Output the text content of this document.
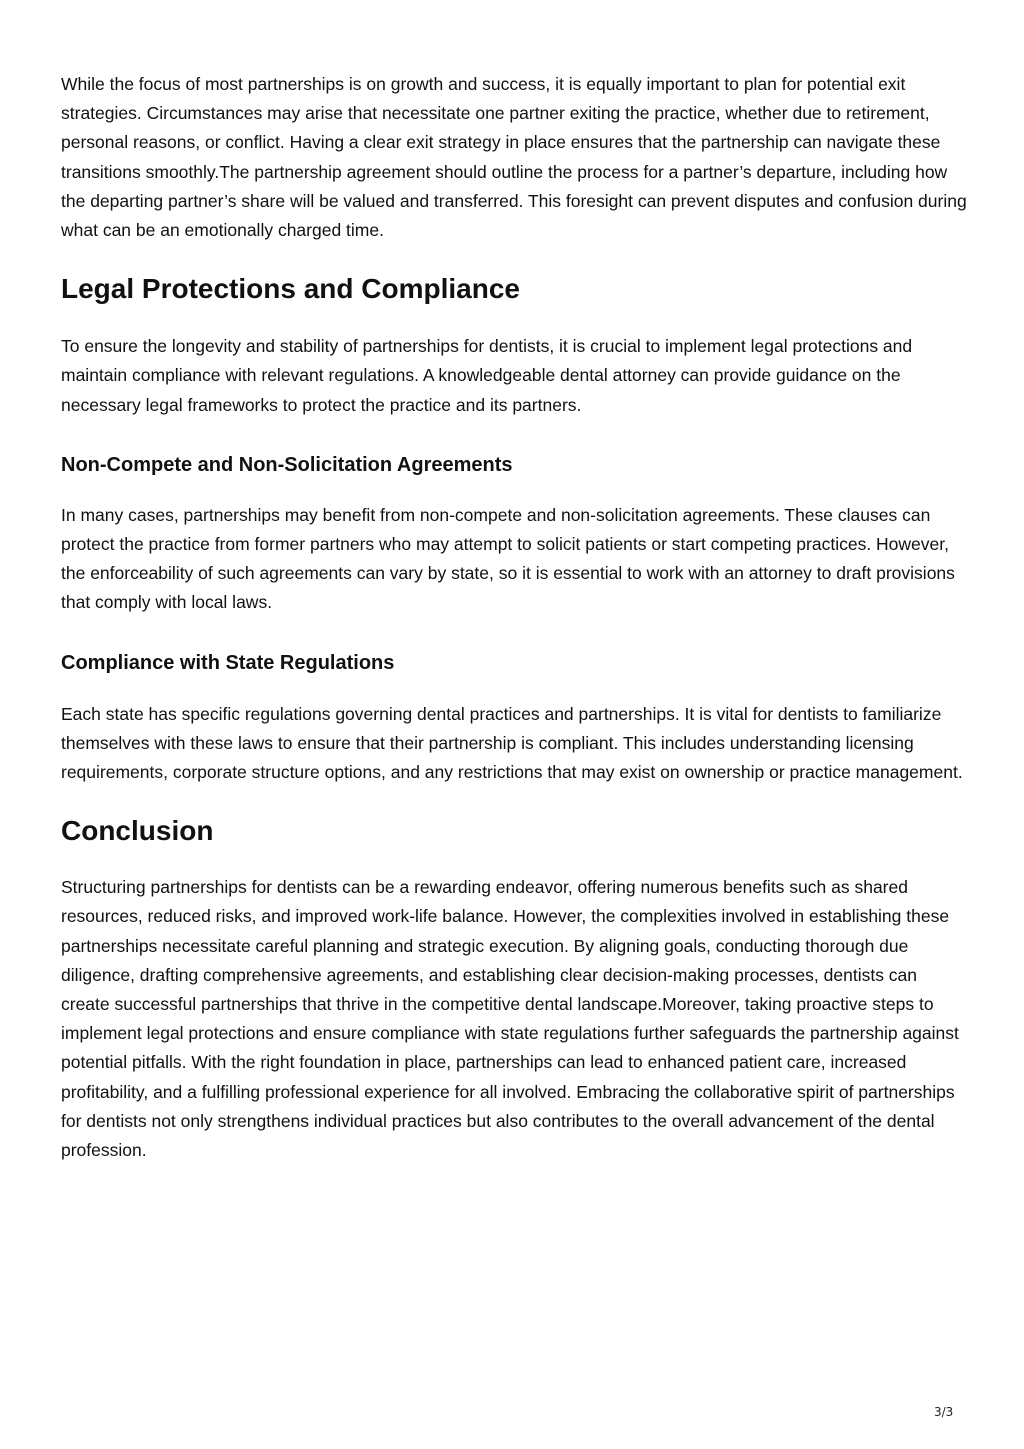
While the focus of most partnerships is on growth and success, it is equally important to plan for potential exit strategies. Circumstances may arise that necessitate one partner exiting the practice, whether due to retirement, personal reasons, or conflict. Having a clear exit strategy in place ensures that the partnership can navigate these transitions smoothly.The partnership agreement should outline the process for a partner’s departure, including how the departing partner’s share will be valued and transferred. This foresight can prevent disputes and confusion during what can be an emotionally charged time.

Legal Protections and Compliance

To ensure the longevity and stability of partnerships for dentists, it is crucial to implement legal protections and maintain compliance with relevant regulations. A knowledgeable dental attorney can provide guidance on the necessary legal frameworks to protect the practice and its partners.

Non-Compete and Non-Solicitation Agreements

In many cases, partnerships may benefit from non-compete and non-solicitation agreements. These clauses can protect the practice from former partners who may attempt to solicit patients or start competing practices. However, the enforceability of such agreements can vary by state, so it is essential to work with an attorney to draft provisions that comply with local laws.

Compliance with State Regulations

Each state has specific regulations governing dental practices and partnerships. It is vital for dentists to familiarize themselves with these laws to ensure that their partnership is compliant. This includes understanding licensing requirements, corporate structure options, and any restrictions that may exist on ownership or practice management.

Conclusion

Structuring partnerships for dentists can be a rewarding endeavor, offering numerous benefits such as shared resources, reduced risks, and improved work-life balance. However, the complexities involved in establishing these partnerships necessitate careful planning and strategic execution. By aligning goals, conducting thorough due diligence, drafting comprehensive agreements, and establishing clear decision-making processes, dentists can create successful partnerships that thrive in the competitive dental landscape.Moreover, taking proactive steps to implement legal protections and ensure compliance with state regulations further safeguards the partnership against potential pitfalls. With the right foundation in place, partnerships can lead to enhanced patient care, increased profitability, and a fulfilling professional experience for all involved. Embracing the collaborative spirit of partnerships for dentists not only strengthens individual practices but also contributes to the overall advancement of the dental profession.

3/3
